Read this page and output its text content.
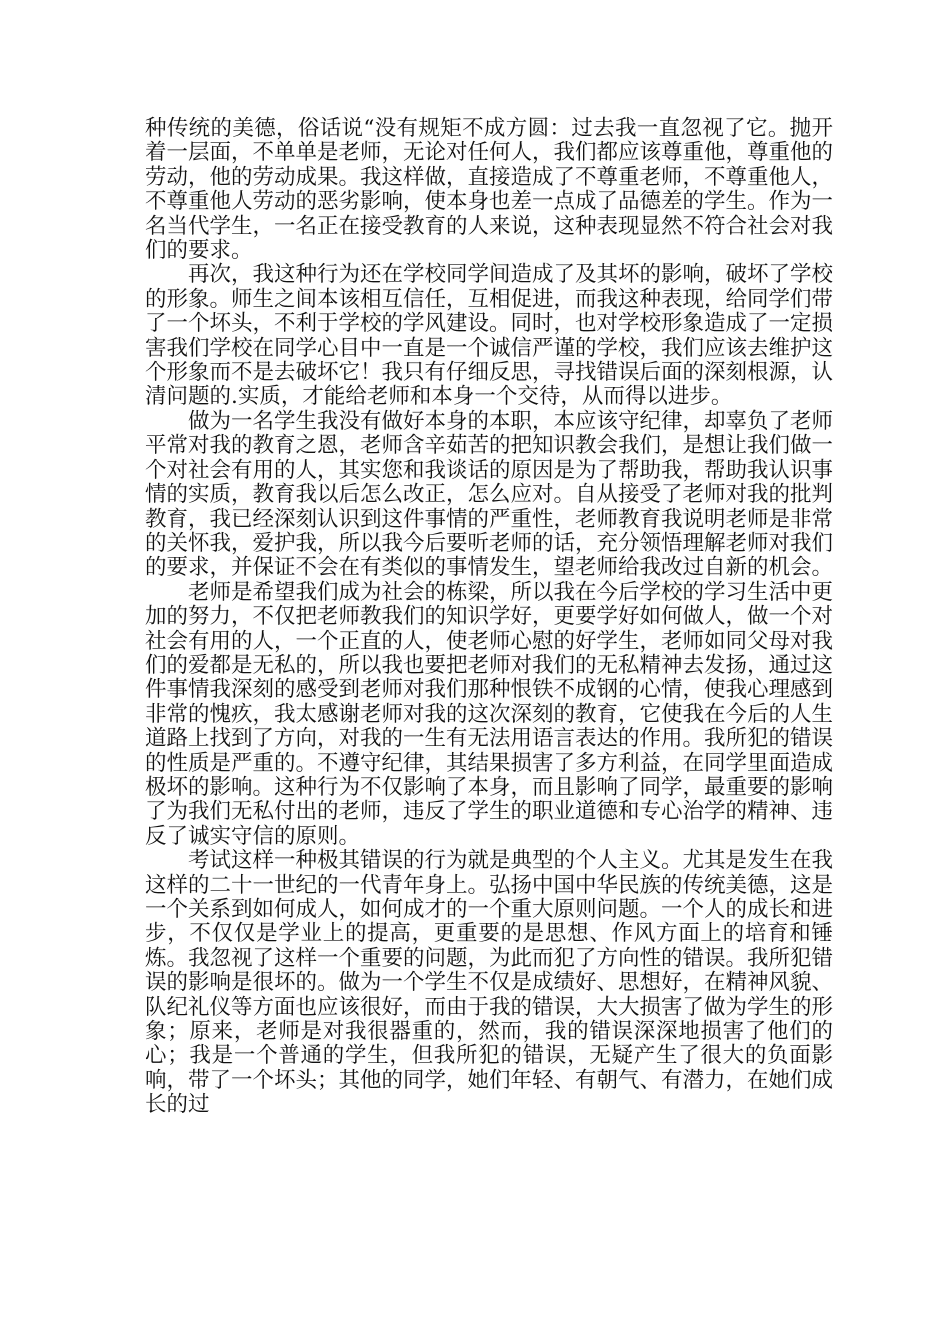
种传统的美德，俗话说“没有规矩不成方圆：过去我一直忽视了它。抛开着一层面，不单单是老师，无论对任何人，我们都应该尊重他，尊重他的劳动，他的劳动成果。我这样做，直接造成了不尊重老师，不尊重他人，不尊重他人劳动的恶劣影响，使本身也差一点成了品德差的学生。作为一名当代学生，一名正在接受教育的人来说，这种表现显然不符合社会对我们的要求。

再次，我这种行为还在学校同学间造成了及其坏的影响，破坏了学校的形象。师生之间本该相互信任，互相促进，而我这种表现，给同学们带了一个坏头，不利于学校的学风建设。同时，也对学校形象造成了一定损害我们学校在同学心目中一直是一个诚信严谨的学校，我们应该去维护这个形象而不是去破坏它！我只有仔细反思，寻找错误后面的深刻根源，认清问题的.实质，才能给老师和本身一个交待，从而得以进步。

做为一名学生我没有做好本身的本职，本应该守纪律，却辜负了老师平常对我的教育之恩，老师含辛茹苦的把知识教会我们，是想让我们做一个对社会有用的人，其实您和我谈话的原因是为了帮助我，帮助我认识事情的实质，教育我以后怎么改正，怎么应对。自从接受了老师对我的批判教育，我已经深刻认识到这件事情的严重性，老师教育我说明老师是非常的关怀我，爱护我，所以我今后要听老师的话，充分领悟理解老师对我们的要求，并保证不会在有类似的事情发生，望老师给我改过自新的机会。

老师是希望我们成为社会的栋梁，所以我在今后学校的学习生活中更加的努力，不仅把老师教我们的知识学好，更要学好如何做人，做一个对社会有用的人，一个正直的人，使老师心慰的好学生，老师如同父母对我们的爱都是无私的，所以我也要把老师对我们的无私精神去发扬，通过这件事情我深刻的感受到老师对我们那种恨铁不成钢的心情，使我心理感到非常的愧疚，我太感谢老师对我的这次深刻的教育，它使我在今后的人生道路上找到了方向，对我的一生有无法用语言表达的作用。我所犯的错误的性质是严重的。不遵守纪律，其结果损害了多方利益，在同学里面造成极坏的影响。这种行为不仅影响了本身，而且影响了同学，最重要的影响了为我们无私付出的老师，违反了学生的职业道德和专心治学的精神、违反了诚实守信的原则。

考试这样一种极其错误的行为就是典型的个人主义。尤其是发生在我这样的二十一世纪的一代青年身上。弘扬中国中华民族的传统美德，这是一个关系到如何成人，如何成才的一个重大原则问题。一个人的成长和进步，不仅仅是学业上的提高，更重要的是思想、作风方面上的培育和锤炼。我忽视了这样一个重要的问题，为此而犯了方向性的错误。我所犯错误的影响是很坏的。做为一个学生不仅是成绩好、思想好，在精神风貌、队纪礼仪等方面也应该很好，而由于我的错误，大大损害了做为学生的形象；原来，老师是对我很器重的，然而，我的错误深深地损害了他们的心；我是一个普通的学生，但我所犯的错误，无疑产生了很大的负面影响，带了一个坏头；其他的同学，她们年轻、有朝气、有潜力，在她们成长的过
